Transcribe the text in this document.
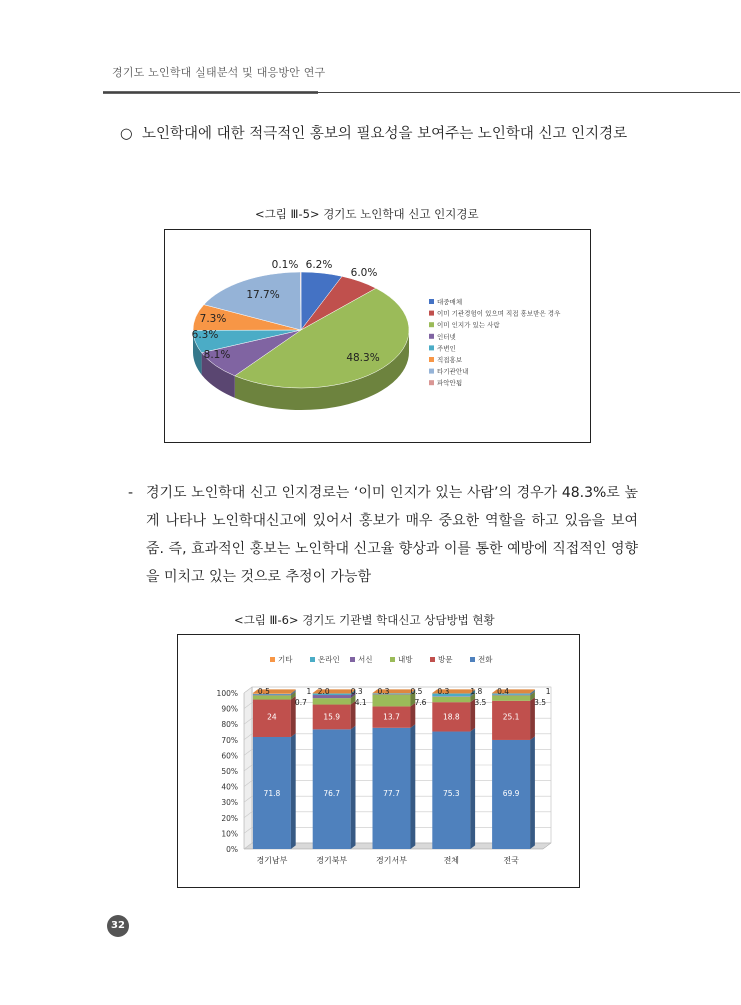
경기도 노인학대 실태분석 및 대응방안 연구
○ 노인학대에 대한 적극적인 홍보의 필요성을 보여주는 노인학대 신고 인지경로
<그림 Ⅲ-5> 경기도 노인학대 신고 인지경로
6.2%
6.0%
48.3%
8.1%
6.3%
7.3%
17.7%
0.1%
대중매체
이미 기관경험이 있으며 직접 홍보받은 경우
이미 인지가 있는 사람
인터넷
주변인
직접홍보
타기관안내
파악안됨
- 경기도 노인학대 신고 인지경로는 ‘이미 인지가 있는 사람’의 경우가 48.3%로 높게 나타나 노인학대신고에 있어서 홍보가 매우 중요한 역할을 하고 있음을 보여줌. 즉, 효과적인 홍보는 노인학대 신고율 향상과 이를 통한 예방에 직접적인 영향을 미치고 있는 것으로 추정이 가능함
<그림 Ⅲ-6> 경기도 기관별 학대신고 상담방법 현황
0%
10%
20%
30%
40%
50%
60%
70%
80%
90%
100%
71.8
24
0.7
0.5	1
경기남부
76.7
15.9
4.1
2.0	0.3
경기북부
77.7
13.7
7.6
0.3	0.5
경기서부
75.3
18.8
3.5
0.3	1.8
전체
69.9
25.1
3.5
0.4	1
전국
기타	온라인 서신	내방	방문	전화
32
